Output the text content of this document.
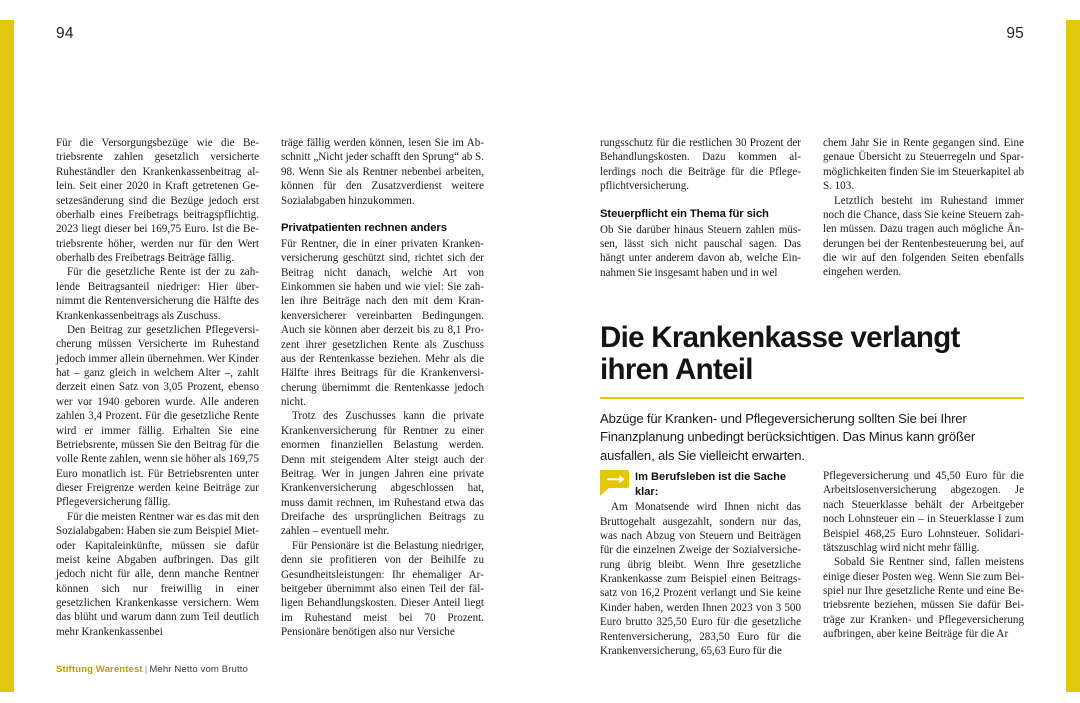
94

Für die Versorgungsbezüge wie die Betriebsrente zahlen gesetzlich versicherte Ruheständler den Krankenkassenbeitrag allein. Seit einer 2020 in Kraft getretenen Gesetzesänderung sind die Bezüge jedoch erst oberhalb eines Freibetrags beitragspflichtig. 2023 liegt dieser bei 169,75 Euro. Ist die Betriebsrente höher, werden nur für den Wert oberhalb des Freibetrags Beiträge fällig.

Für die gesetzliche Rente ist der zu zahlende Beitragsanteil niedriger: Hier übernimmt die Rentenversicherung die Hälfte des Krankenkassenbeitrags als Zuschuss.

Den Beitrag zur gesetzlichen Pflegeversicherung müssen Versicherte im Ruhestand jedoch immer allein übernehmen. Wer Kinder hat – ganz gleich in welchem Alter –, zahlt derzeit einen Satz von 3,05 Prozent, ebenso wer vor 1940 geboren wurde. Alle anderen zahlen 3,4 Prozent. Für die gesetzliche Rente wird er immer fällig. Erhalten Sie eine Betriebsrente, müssen Sie den Beitrag für die volle Rente zahlen, wenn sie höher als 169,75 Euro monatlich ist. Für Betriebsrenten unter dieser Freigrenze werden keine Beiträge zur Pflegeversicherung fällig.

Für die meisten Rentner war es das mit den Sozialabgaben: Haben sie zum Beispiel Miet- oder Kapitaleinkünfte, müssen sie dafür meist keine Abgaben aufbringen. Das gilt jedoch nicht für alle, denn manche Rentner können sich nur freiwillig in einer gesetzlichen Krankenkasse versichern. Wem das blüht und warum dann zum Teil deutlich mehr Krankenkassenbei

träge fällig werden können, lesen Sie im Abschnitt „Nicht jeder schafft den Sprung“ ab S. 98. Wenn Sie als Rentner nebenbei arbeiten, können für den Zusatzverdienst weitere Sozialabgaben hinzukommen.

Privatpatienten rechnen anders

Für Rentner, die in einer privaten Krankenversicherung geschützt sind, richtet sich der Beitrag nicht danach, welche Art von Einkommen sie haben und wie viel: Sie zahlen ihre Beiträge nach den mit dem Krankenversicherer vereinbarten Bedingungen. Auch sie können aber derzeit bis zu 8,1 Prozent ihrer gesetzlichen Rente als Zuschuss aus der Rentenkasse beziehen. Mehr als die Hälfte ihres Beitrags für die Krankenversicherung übernimmt die Rentenkasse jedoch nicht.

Trotz des Zuschusses kann die private Krankenversicherung für Rentner zu einer enormen finanziellen Belastung werden. Denn mit steigendem Alter steigt auch der Beitrag. Wer in jungen Jahren eine private Krankenversicherung abgeschlossen hat, muss damit rechnen, im Ruhestand etwa das Dreifache des ursprünglichen Beitrags zu zahlen – eventuell mehr.

Für Pensionäre ist die Belastung niedriger, denn sie profitieren von der Beihilfe zu Gesundheitsleistungen: Ihr ehemaliger Arbeitgeber übernimmt also einen Teil der fälligen Behandlungskosten. Dieser Anteil liegt im Ruhestand meist bei 70 Prozent. Pensionäre benötigen also nur Versiche

Stiftung Warentest | Mehr Netto vom Brutto
95

rungsschutz für die restlichen 30 Prozent der Behandlungskosten. Dazu kommen allerdings noch die Beiträge für die Pflegepflichtversicherung.

Steuerpflicht ein Thema für sich

Ob Sie darüber hinaus Steuern zahlen müssen, lässt sich nicht pauschal sagen. Das hängt unter anderem davon ab, welche Einnahmen Sie insgesamt haben und in wel

chem Jahr Sie in Rente gegangen sind. Eine genaue Übersicht zu Steuerregeln und Sparmöglichkeiten finden Sie im Steuerkapitel ab S. 103.

Letztlich besteht im Ruhestand immer noch die Chance, dass Sie keine Steuern zahlen müssen. Dazu tragen auch mögliche Änderungen bei der Rentenbesteuerung bei, auf die wir auf den folgenden Seiten ebenfalls eingehen werden.

Die Krankenkasse verlangt ihren Anteil

Abzüge für Kranken- und Pflegeversicherung sollten Sie bei Ihrer Finanzplanung unbedingt berücksichtigen. Das Minus kann größer ausfallen, als Sie vielleicht erwarten.

Im Berufsleben ist die Sache klar:

Am Monatsende wird Ihnen nicht das Bruttogehalt ausgezahlt, sondern nur das, was nach Abzug von Steuern und Beiträgen für die einzelnen Zweige der Sozialversicherung übrig bleibt. Wenn Ihre gesetzliche Krankenkasse zum Beispiel einen Beitragssatz von 16,2 Prozent verlangt und Sie keine Kinder haben, werden Ihnen 2023 von 3 500 Euro brutto 325,50 Euro für die gesetzliche Rentenversicherung, 283,50 Euro für die Krankenversicherung, 65,63 Euro für die

Pflegeversicherung und 45,50 Euro für die Arbeitslosenversicherung abgezogen. Je nach Steuerklasse behält der Arbeitgeber noch Lohnsteuer ein – in Steuerklasse I zum Beispiel 468,25 Euro Lohnsteuer. Solidaritätszuschlag wird nicht mehr fällig.

Sobald Sie Rentner sind, fallen meistens einige dieser Posten weg. Wenn Sie zum Beispiel nur Ihre gesetzliche Rente und eine Betriebsrente beziehen, müssen Sie dafür Beiträge zur Kranken- und Pflegeversicherung aufbringen, aber keine Beiträge für die Ar
